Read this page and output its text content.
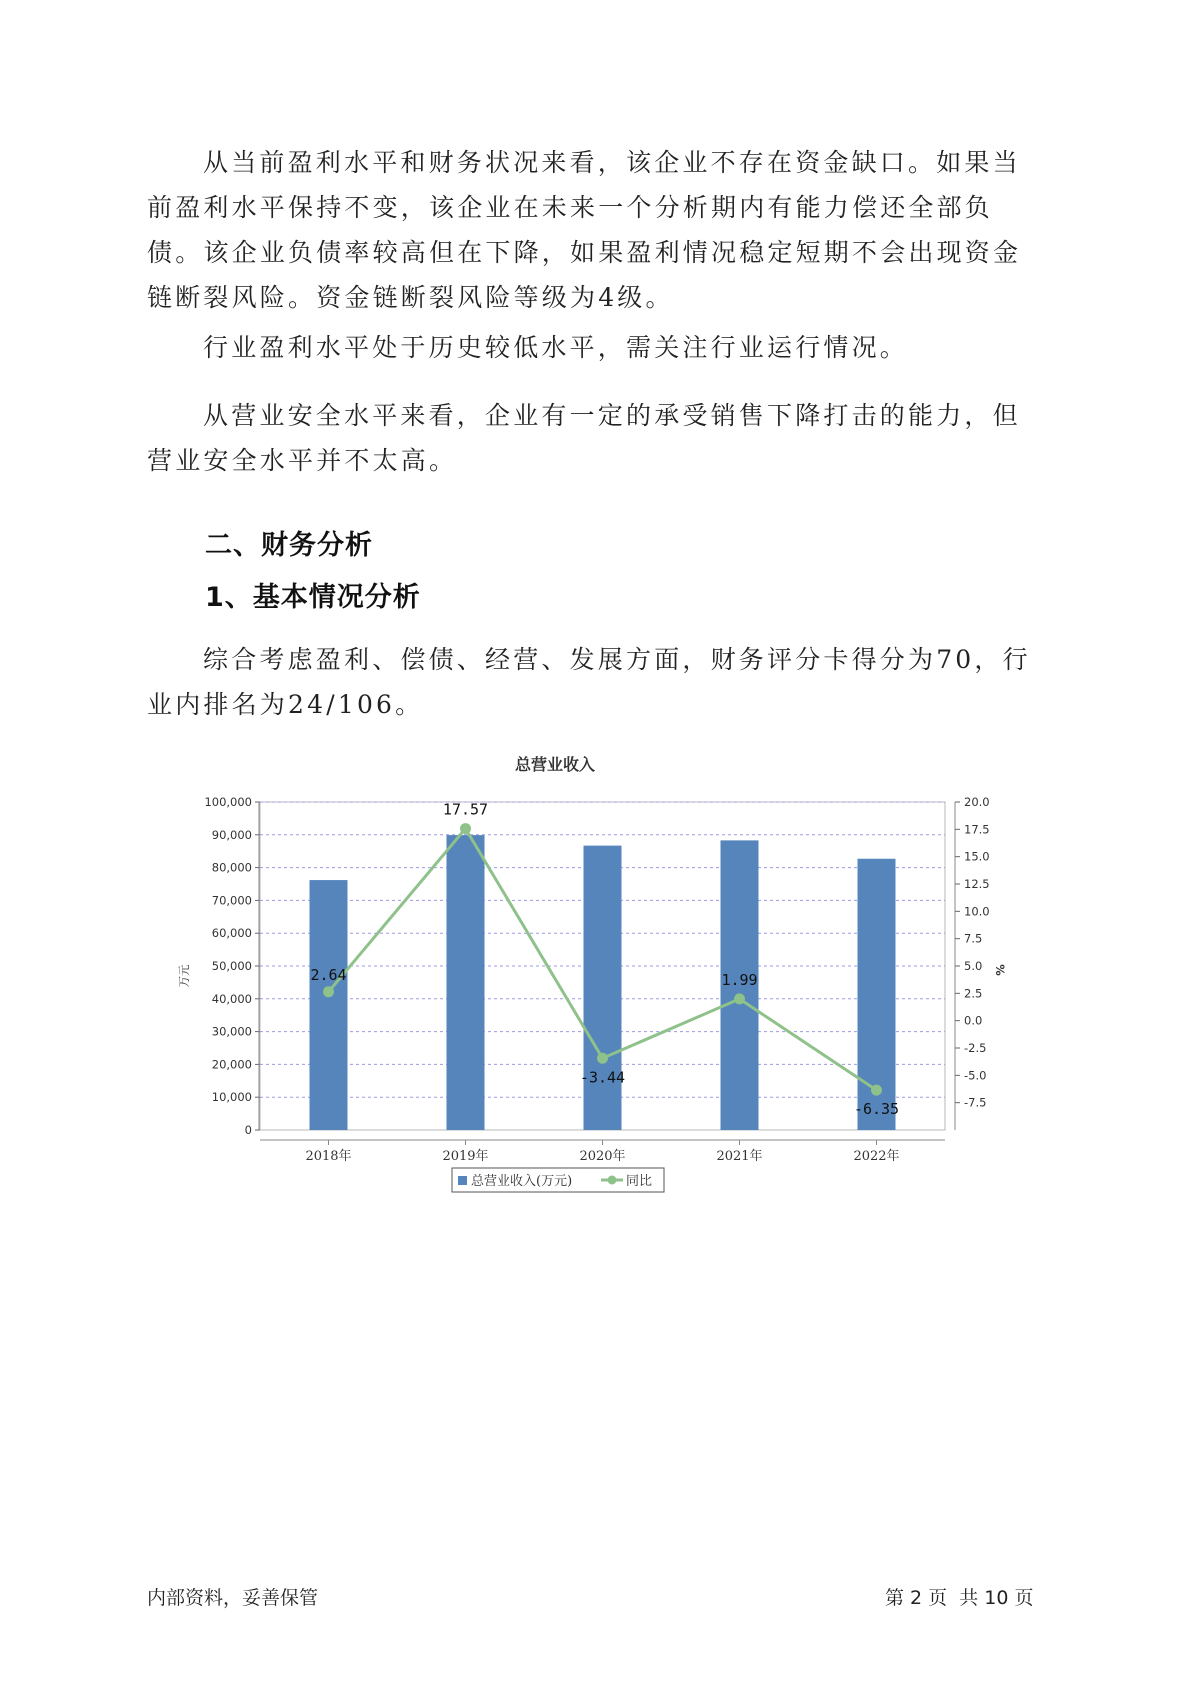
从当前盈利水平和财务状况来看，该企业不存在资金缺口。如果当前盈利水平保持不变，该企业在未来一个分析期内有能力偿还全部负债。该企业负债率较高但在下降，如果盈利情况稳定短期不会出现资金链断裂风险。资金链断裂风险等级为4级。

行业盈利水平处于历史较低水平，需关注行业运行情况。

从营业安全水平来看，企业有一定的承受销售下降打击的能力，但营业安全水平并不太高。

二、财务分析
1、基本情况分析

综合考虑盈利、偿债、经营、发展方面，财务评分卡得分为70，行业内排名为24/106。

总营业收入
0
10,000
20,000
30,000
40,000
50,000
60,000
70,000
80,000
90,000
100,000
-7.5
-5.0
-2.5
0.0
2.5
5.0
7.5
10.0
12.5
15.0
17.5
20.0
万元	%
2018年	2019年	2020年	2021年	2022年
2.64
17.57
-3.44
1.99
-6.35
总营业收入(万元)	同比
内部资料，妥善保管	第 2 页  共 10 页
